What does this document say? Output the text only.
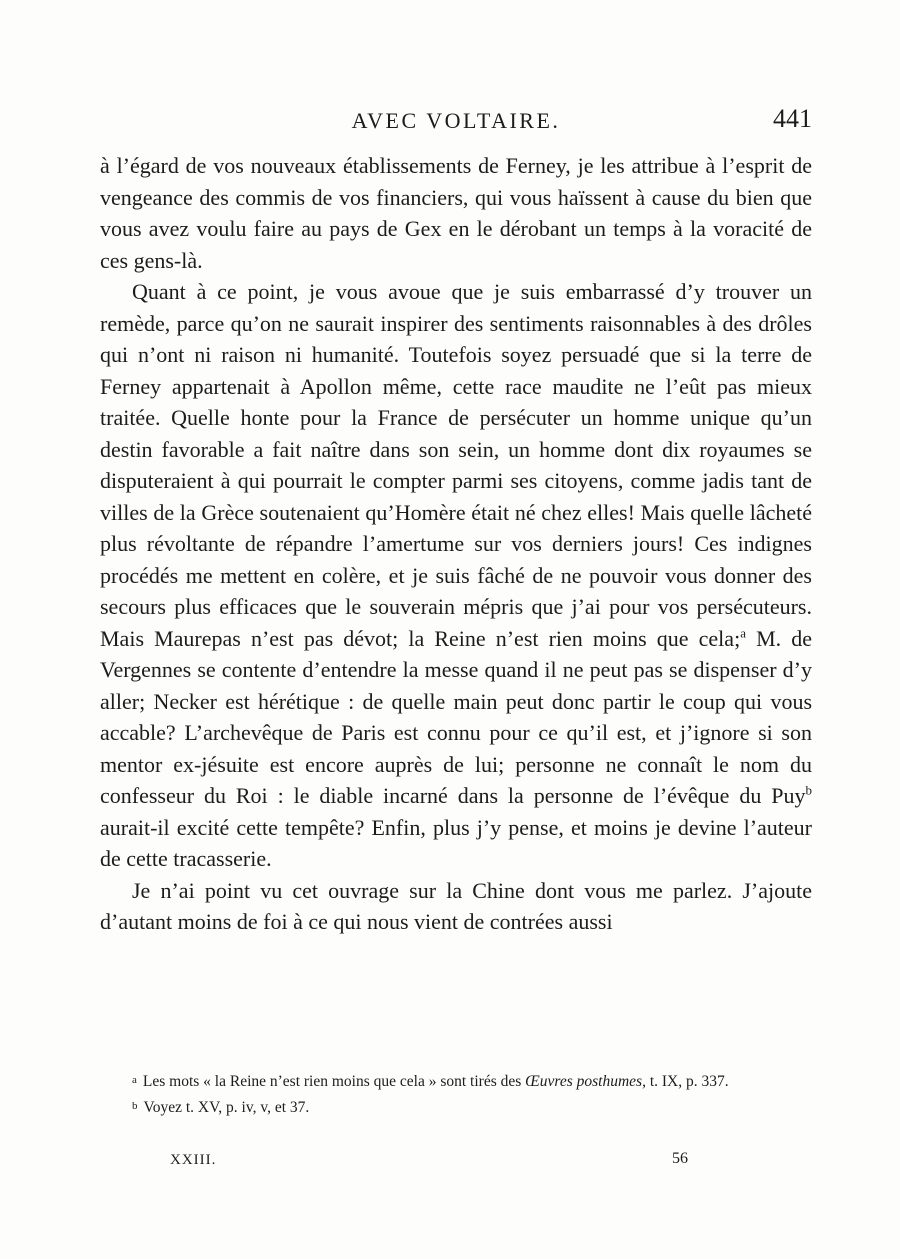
AVEC VOLTAIRE.	441

à l’égard de vos nouveaux établissements de Ferney, je les attribue à l’esprit de vengeance des commis de vos financiers, qui vous haïssent à cause du bien que vous avez voulu faire au pays de Gex en le dérobant un temps à la voracité de ces gens-là.

Quant à ce point, je vous avoue que je suis embarrassé d’y trouver un remède, parce qu’on ne saurait inspirer des sentiments raisonnables à des drôles qui n’ont ni raison ni humanité. Toutefois soyez persuadé que si la terre de Ferney appartenait à Apollon même, cette race maudite ne l’eût pas mieux traitée. Quelle honte pour la France de persécuter un homme unique qu’un destin favorable a fait naître dans son sein, un homme dont dix royaumes se disputeraient à qui pourrait le compter parmi ses citoyens, comme jadis tant de villes de la Grèce soutenaient qu’Homère était né chez elles! Mais quelle lâcheté plus révoltante de répandre l’amertume sur vos derniers jours! Ces indignes procédés me mettent en colère, et je suis fâché de ne pouvoir vous donner des secours plus efficaces que le souverain mépris que j’ai pour vos persécuteurs. Mais Maurepas n’est pas dévot; la Reine n’est rien moins que cela;$^a$ M. de Vergennes se contente d’entendre la messe quand il ne peut pas se dispenser d’y aller; Necker est hérétique : de quelle main peut donc partir le coup qui vous accable? L’archevêque de Paris est connu pour ce qu’il est, et j’ignore si son mentor ex-jésuite est encore auprès de lui; personne ne connaît le nom du confesseur du Roi : le diable incarné dans la personne de l’évêque du Puy$^b$ aurait-il excité cette tempête? Enfin, plus j’y pense, et moins je devine l’auteur de cette tracasserie.

Je n’ai point vu cet ouvrage sur la Chine dont vous me parlez. J’ajoute d’autant moins de foi à ce qui nous vient de contrées aussi

a Les mots « la Reine n’est rien moins que cela » sont tirés des Œuvres posthumes, t. IX, p. 337.

b Voyez t. XV, p. iv, v, et 37.

XXIII.	56
